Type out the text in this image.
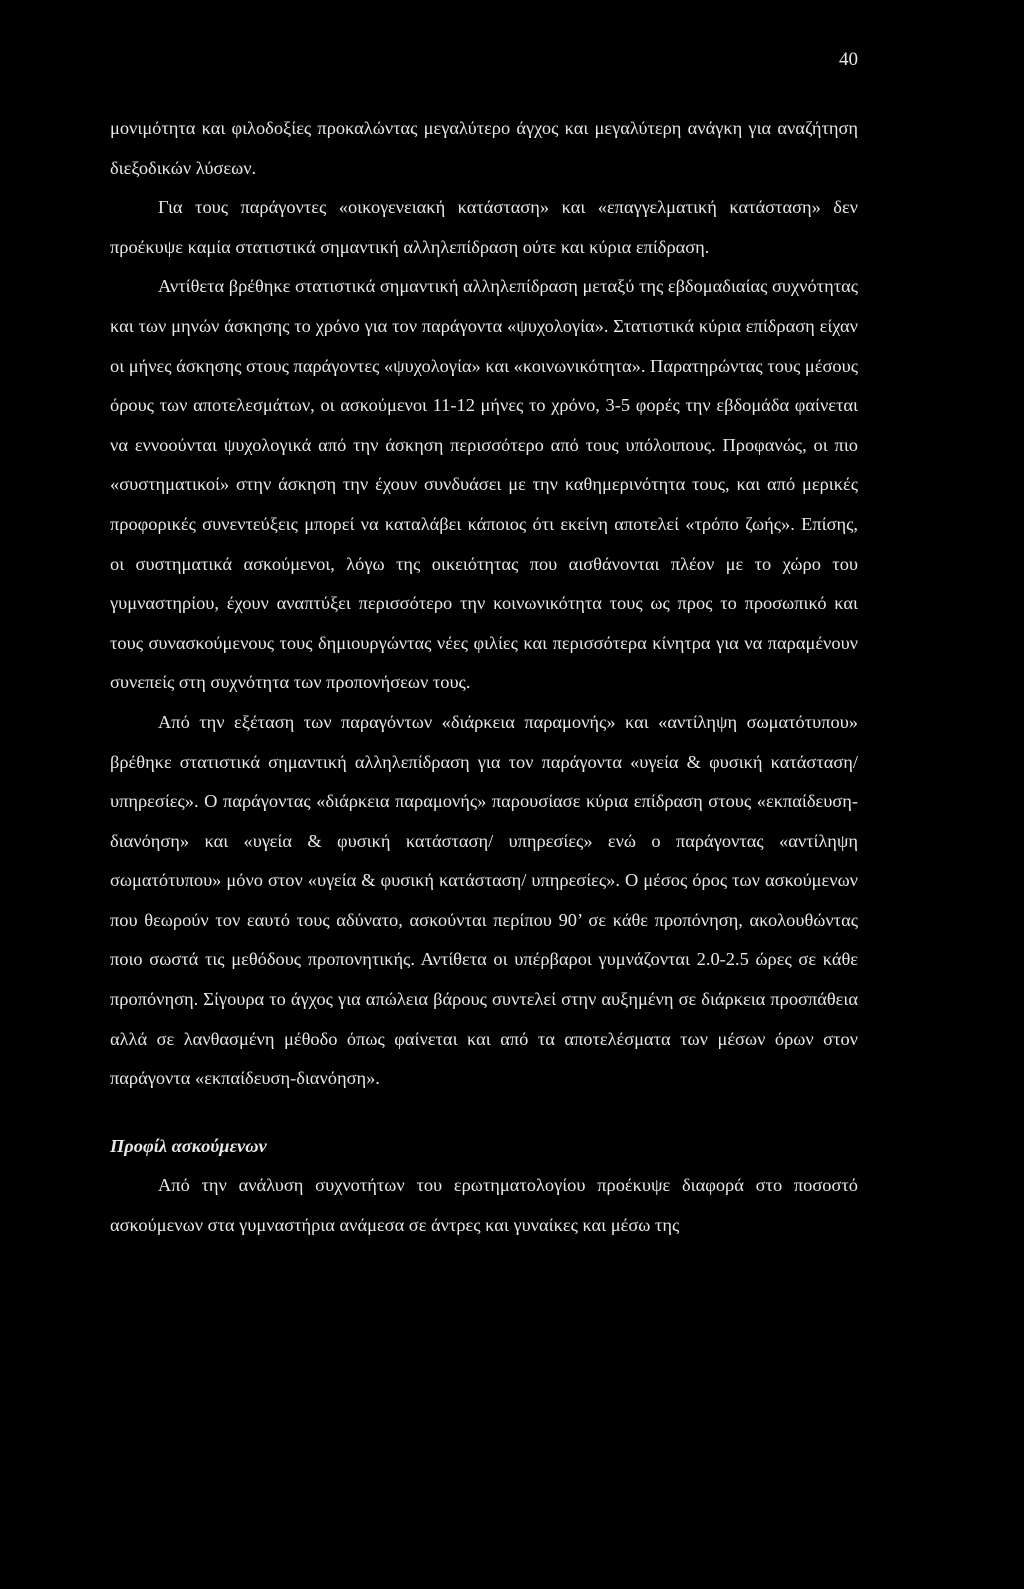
40

μονιμότητα και φιλοδοξίες προκαλώντας μεγαλύτερο άγχος και μεγαλύτερη ανάγκη για αναζήτηση διεξοδικών λύσεων.

Για τους παράγοντες «οικογενειακή κατάσταση» και «επαγγελματική κατάσταση» δεν προέκυψε καμία στατιστικά σημαντική αλληλεπίδραση ούτε και κύρια επίδραση.

Αντίθετα βρέθηκε στατιστικά σημαντική αλληλεπίδραση μεταξύ της εβδομαδιαίας συχνότητας και των μηνών άσκησης το χρόνο για τον παράγοντα «ψυχολογία». Στατιστικά κύρια επίδραση είχαν οι μήνες άσκησης στους παράγοντες «ψυχολογία» και «κοινωνικότητα». Παρατηρώντας τους μέσους όρους των αποτελεσμάτων, οι ασκούμενοι 11-12 μήνες το χρόνο, 3-5 φορές την εβδομάδα φαίνεται να εννοούνται ψυχολογικά από την άσκηση περισσότερο από τους υπόλοιπους. Προφανώς, οι πιο «συστηματικοί» στην άσκηση την έχουν συνδυάσει με την καθημερινότητα τους, και από μερικές προφορικές συνεντεύξεις μπορεί να καταλάβει κάποιος ότι εκείνη αποτελεί «τρόπο ζωής». Επίσης, οι συστηματικά ασκούμενοι, λόγω της οικειότητας που αισθάνονται πλέον με το χώρο του γυμναστηρίου, έχουν αναπτύξει περισσότερο την κοινωνικότητα τους ως προς το προσωπικό και τους συνασκούμενους τους δημιουργώντας νέες φιλίες και περισσότερα κίνητρα για να παραμένουν συνεπείς στη συχνότητα των προπονήσεων τους.

Από την εξέταση των παραγόντων «διάρκεια παραμονής» και «αντίληψη σωματότυπου» βρέθηκε στατιστικά σημαντική αλληλεπίδραση για τον παράγοντα «υγεία & φυσική κατάσταση/ υπηρεσίες». Ο παράγοντας «διάρκεια παραμονής» παρουσίασε κύρια επίδραση στους «εκπαίδευση-διανόηση» και «υγεία & φυσική κατάσταση/ υπηρεσίες» ενώ ο παράγοντας «αντίληψη σωματότυπου» μόνο στον «υγεία & φυσική κατάσταση/ υπηρεσίες». Ο μέσος όρος των ασκούμενων που θεωρούν τον εαυτό τους αδύνατο, ασκούνται περίπου 90’ σε κάθε προπόνηση, ακολουθώντας ποιο σωστά τις μεθόδους προπονητικής. Αντίθετα οι υπέρβαροι γυμνάζονται 2.0-2.5 ώρες σε κάθε προπόνηση. Σίγουρα το άγχος για απώλεια βάρους συντελεί στην αυξημένη σε διάρκεια προσπάθεια αλλά σε λανθασμένη μέθοδο όπως φαίνεται και από τα αποτελέσματα των μέσων όρων στον παράγοντα «εκπαίδευση-διανόηση».

Προφίλ ασκούμενων

Από την ανάλυση συχνοτήτων του ερωτηματολογίου προέκυψε διαφορά στο ποσοστό ασκούμενων στα γυμναστήρια ανάμεσα σε άντρες και γυναίκες και μέσω της
